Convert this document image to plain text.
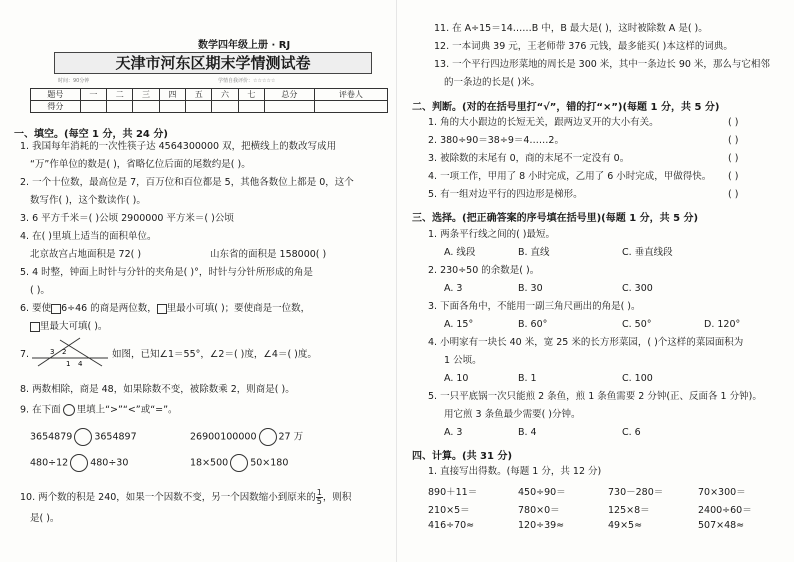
数学四年级上册 · RJ
天津市河东区期末学情测试卷
时间：90分钟	学情自我评价：☆☆☆☆☆
题号	一	二	三	四	五	六	七	总分	评卷人
得分									
一、填空。(每空 1 分，共 24 分)
1. 我国每年消耗的一次性筷子达 4564300000 双，把横线上的数改写成用
“万”作单位的数是( )，省略亿位后面的尾数约是( )。
2. 一个十位数，最高位是 7，百万位和百位都是 5，其他各数位上都是 0，这个
数写作( )，这个数读作( )。
3. 6 平方千米＝( )公顷 2900000 平方米＝( )公顷
4. 在( )里填上适当的面积单位。
北京故宫占地面积是 72( )	山东省的面积是 158000( )
5. 4 时整，钟面上时针与分针的夹角是( )°，时针与分针所形成的角是
( )。
6. 要使 6÷46 的商是两位数， 里最小可填( )；要使商是一位数，
里最大可填( )。
7.	3 2
1 4
如图，已知∠1＝55°，∠2＝( )度，∠4＝( )度。
8. 两数相除，商是 48，如果除数不变，被除数乘 2，则商是( )。
9. 在下面 里填上“>”“<”或“=”。
3654879 3654897	26900100000 27 万
480÷12 480÷30	18×500 50×180
10. 两个数的积是 240，如果一个因数不变，另一个因数缩小到原来的 $\frac{1}{5}$ ，则积
是( )。
11. 在 A÷15＝14……B 中，B 最大是( )，这时被除数 A 是( )。
12. 一本词典 39 元，王老师带 376 元钱，最多能买( )本这样的词典。
13. 一个平行四边形菜地的周长是 300 米，其中一条边长 90 米，那么与它相邻
的一条边的长是( )米。
二、判断。(对的在括号里打“√”，错的打“×”)(每题 1 分，共 5 分)
1. 角的大小跟边的长短无关，跟两边叉开的大小有关。	( )
2. 380÷90＝38÷9＝4……2。	( )
3. 被除数的末尾有 0，商的末尾不一定没有 0。	( )
4. 一项工作，甲用了 8 小时完成，乙用了 6 小时完成，甲做得快。 ( )
5. 有一组对边平行的四边形是梯形。	( )
三、选择。(把正确答案的序号填在括号里)(每题 1 分，共 5 分)
1. 两条平行线之间的( )最短。
A. 线段	B. 直线	C. 垂直线段
2. 230÷50 的余数是( )。
A. 3	B. 30	C. 300
3. 下面各角中，不能用一副三角尺画出的角是( )。
A. 15°	B. 60°	C. 50°	D. 120°
4. 小明家有一块长 40 米，宽 25 米的长方形菜园，( )个这样的菜园面积为
1 公顷。
A. 10	B. 1	C. 100
5. 一只平底锅一次只能煎 2 条鱼，煎 1 条鱼需要 2 分钟(正、反面各 1 分钟)。
用它煎 3 条鱼最少需要( )分钟。
A. 3	B. 4	C. 6
四、计算。(共 31 分)
1. 直接写出得数。(每题 1 分，共 12 分)
890＋11＝	450÷90＝	730－280＝	70×300＝
210×5＝	780×0＝	125×8＝	2400÷60＝
416÷70≈	120÷39≈	49×5≈	507×48≈
